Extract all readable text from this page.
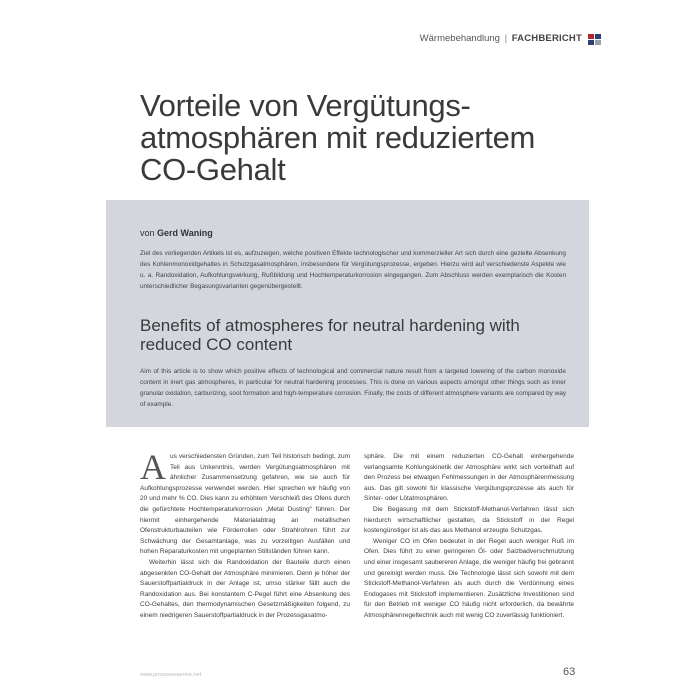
Wärmebehandlung | FACHBERICHT
Vorteile von Vergütungs-
atmosphären mit reduziertem
CO-Gehalt
von Gerd Waning

Ziel des vorliegenden Artikels ist es, aufzuzeigen, welche positiven Effekte technologischer und kommerzieller Art sich durch eine gezielte Absenkung des Kohlenmonoxidgehaltes in Schutzgasatmosphären, insbesondere für Vergütungsprozesse, ergeben. Hierzu wird auf verschiedenste Aspekte wie u. a. Randoxidation, Aufkohlungswirkung, Rußbildung und Hochtemperaturkorrosion eingegangen. Zum Abschluss werden exemplarisch die Kosten unterschiedlicher Begasungsvarianten gegenübergestellt.

Benefits of atmospheres for neutral hardening with reduced CO content

Aim of this article is to show which positive effects of technological and commercial nature result from a targeted lowering of the carbon monoxide content in inert gas atmospheres, in particular for neutral hardening processes. This is done on various aspects amongst other things such as inner granular oxidation, carburizing, soot formation and high-temperature corrosion. Finally, the costs of different atmosphere variants are compared by way of example.

Aus verschiedensten Gründen, zum Teil historisch bedingt, zum Teil aus Unkenntnis, werden Vergütungsatmosphären mit ähnlicher Zusammensetzung gefahren, wie sie auch für Aufkohlungsprozesse verwendet werden. Hier sprechen wir häufig von 20 und mehr % CO. Dies kann zu erhöhtem Verschleiß des Ofens durch die gefürchtete Hochtemperaturkorrosion „Metal Dusting“ führen. Der hiermit einhergehende Materialabtrag an metallischen Ofenstrukturbauteilen wie Förderrollen oder Strahlrohren führt zur Schwächung der Gesamtanlage, was zu vorzeitigen Ausfällen und hohen Reparaturkosten mit ungeplanten Stillständen führen kann.

Weiterhin lässt sich die Randoxidation der Bauteile durch einen abgesenkten CO-Gehalt der Atmosphäre minimieren. Denn je höher der Sauerstoffpartialdruck in der Anlage ist, umso stärker fällt auch die Randoxidation aus. Bei konstantem C-Pegel führt eine Absenkung des CO-Gehaltes, den thermodynamischen Gesetzmäßigkeiten folgend, zu einem niedrigeren Sauerstoffpartialdruck in der Prozessgasatmo-

sphäre. Die mit einem reduzierten CO-Gehalt einhergehende verlangsamte Kohlungskinetik der Atmosphäre wirkt sich vorteilhaft auf den Prozess bei etwaigen Fehlmessungen in der Atmosphärenmessung aus. Das gilt sowohl für klassische Vergütungsprozesse als auch für Sinter- oder Lötatmosphären.

Die Begasung mit dem Stickstoff-Methanol-Verfahren lässt sich hierdurch wirtschaftlicher gestalten, da Stickstoff in der Regel kostengünstiger ist als das aus Methanol erzeugte Schutzgas.

Weniger CO im Ofen bedeutet in der Regel auch weniger Ruß im Ofen. Dies führt zu einer geringeren Öl- oder Salzbadverschmutzung und einer insgesamt saubereren Anlage, die weniger häufig frei gebrannt und gereinigt werden muss. Die Technologie lässt sich sowohl mit dem Stickstoff-Methanol-Verfahren als auch durch die Verdünnung eines Endogases mit Stickstoff implementieren. Zusätzliche Investitionen sind für den Betrieb mit weniger CO häufig nicht erforderlich, da bewährte Atmosphärenregeltechnik auch mit wenig CO zuverlässig funktioniert.

www.prozesswaerme.net	63
